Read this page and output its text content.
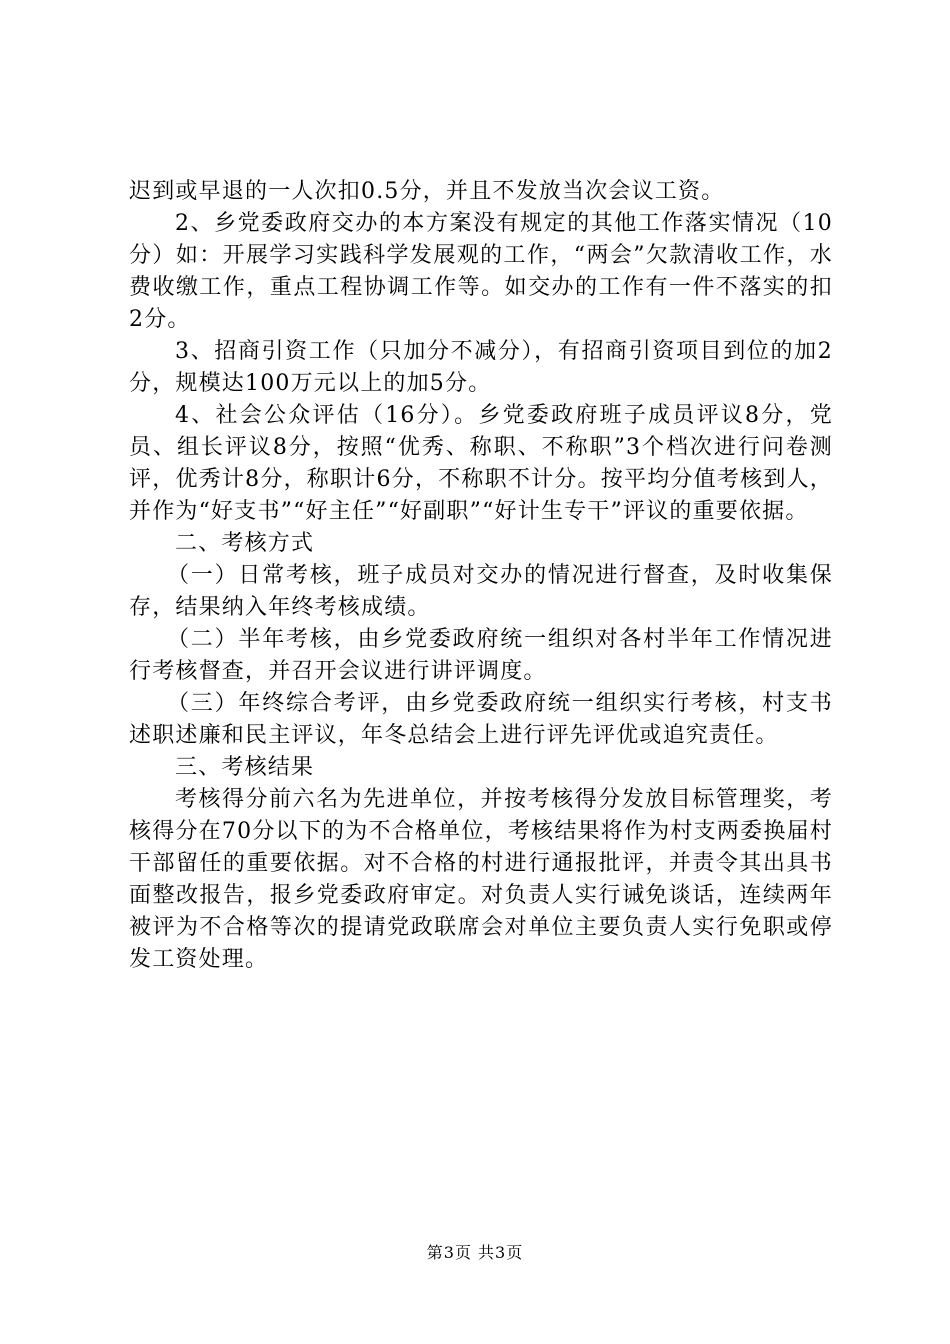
迟到或早退的一人次扣0.5分，并且不发放当次会议工资。

2、乡党委政府交办的本方案没有规定的其他工作落实情况（10分）如：开展学习实践科学发展观的工作，“两会”欠款清收工作，水费收缴工作，重点工程协调工作等。如交办的工作有一件不落实的扣2分。

3、招商引资工作（只加分不减分），有招商引资项目到位的加2分，规模达100万元以上的加5分。

4、社会公众评估（16分）。乡党委政府班子成员评议8分，党员、组长评议8分，按照“优秀、称职、不称职”3个档次进行问卷测评，优秀计8分，称职计6分，不称职不计分。按平均分值考核到人，并作为“好支书”“好主任”“好副职”“好计生专干”评议的重要依据。

二、考核方式

（一）日常考核，班子成员对交办的情况进行督查，及时收集保存，结果纳入年终考核成绩。

（二）半年考核，由乡党委政府统一组织对各村半年工作情况进行考核督查，并召开会议进行讲评调度。

（三）年终综合考评，由乡党委政府统一组织实行考核，村支书述职述廉和民主评议，年冬总结会上进行评先评优或追究责任。

三、考核结果

考核得分前六名为先进单位，并按考核得分发放目标管理奖，考核得分在70分以下的为不合格单位，考核结果将作为村支两委换届村干部留任的重要依据。对不合格的村进行通报批评，并责令其出具书面整改报告，报乡党委政府审定。对负责人实行诫免谈话，连续两年被评为不合格等次的提请党政联席会对单位主要负责人实行免职或停发工资处理。

第3页 共3页
